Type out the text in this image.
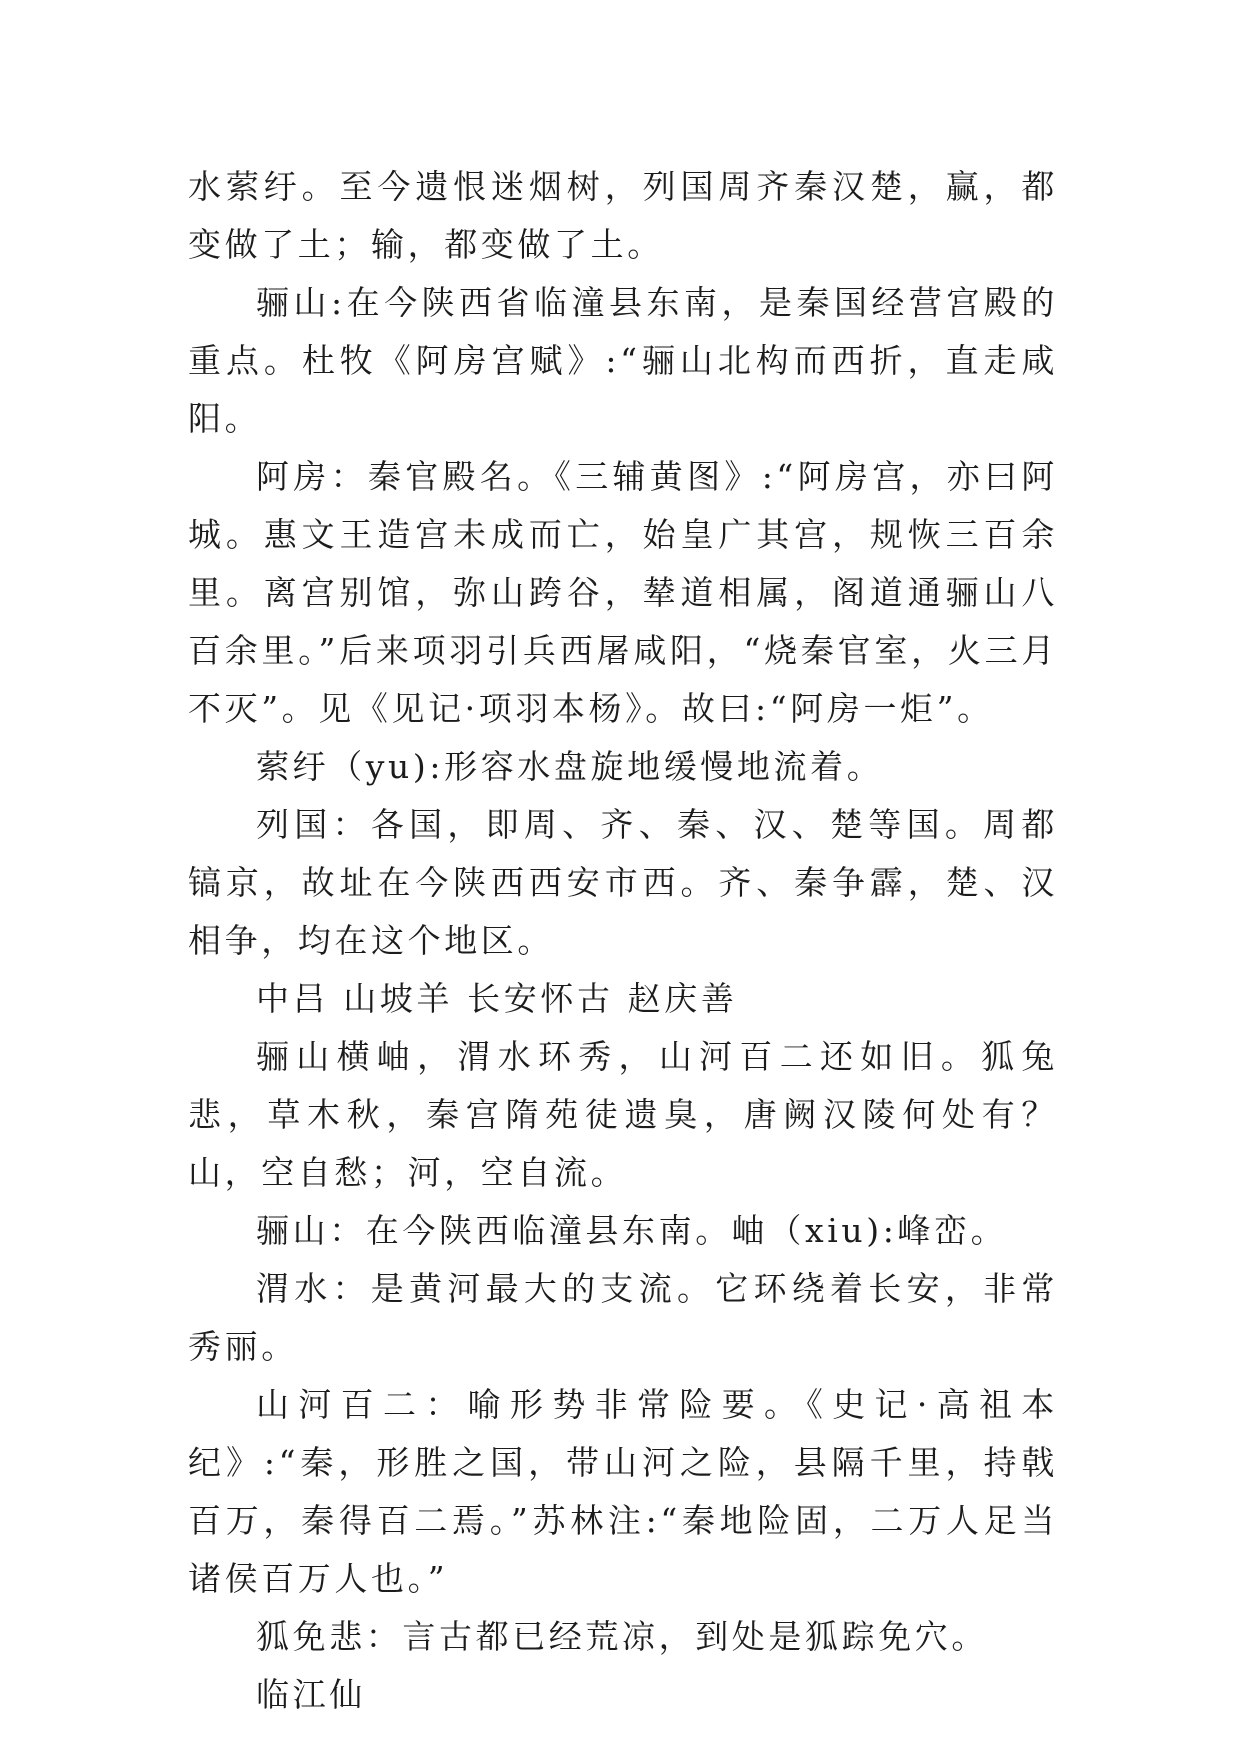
水萦纡。至今遗恨迷烟树，列国周齐秦汉楚，赢，都变做了土；输，都变做了土。

骊山:在今陕西省临潼县东南，是秦国经营宫殿的重点。杜牧《阿房宫赋》:“骊山北构而西折，直走咸阳。

阿房：秦官殿名。《三辅黄图》:“阿房宫，亦曰阿城。惠文王造宫未成而亡，始皇广其宫，规恢三百余里。离宫别馆，弥山跨谷，辇道相属，阁道通骊山八百余里。”后来项羽引兵西屠咸阳，“烧秦官室，火三月不灭”。见《见记·项羽本杨》。故曰:“阿房一炬”。

萦纡（yu):形容水盘旋地缓慢地流着。

列国：各国，即周、齐、秦、汉、楚等国。周都镐京，故址在今陕西西安市西。齐、秦争霹，楚、汉相争，均在这个地区。

中吕 山坡羊 长安怀古 赵庆善

骊山横岫，渭水环秀，山河百二还如旧。狐兔悲，草木秋，秦宫隋苑徒遗臭，唐阙汉陵何处有？山，空自愁；河，空自流。

骊山：在今陕西临潼县东南。岫（xiu):峰峦。

渭水：是黄河最大的支流。它环绕着长安，非常秀丽。

山河百二：喻形势非常险要。《史记·高祖本纪》:“秦，形胜之国，带山河之险，县隔千里，持戟百万，秦得百二焉。”苏林注:“秦地险固，二万人足当诸侯百万人也。”

狐免悲：言古都已经荒凉，到处是狐踪免穴。

临江仙
